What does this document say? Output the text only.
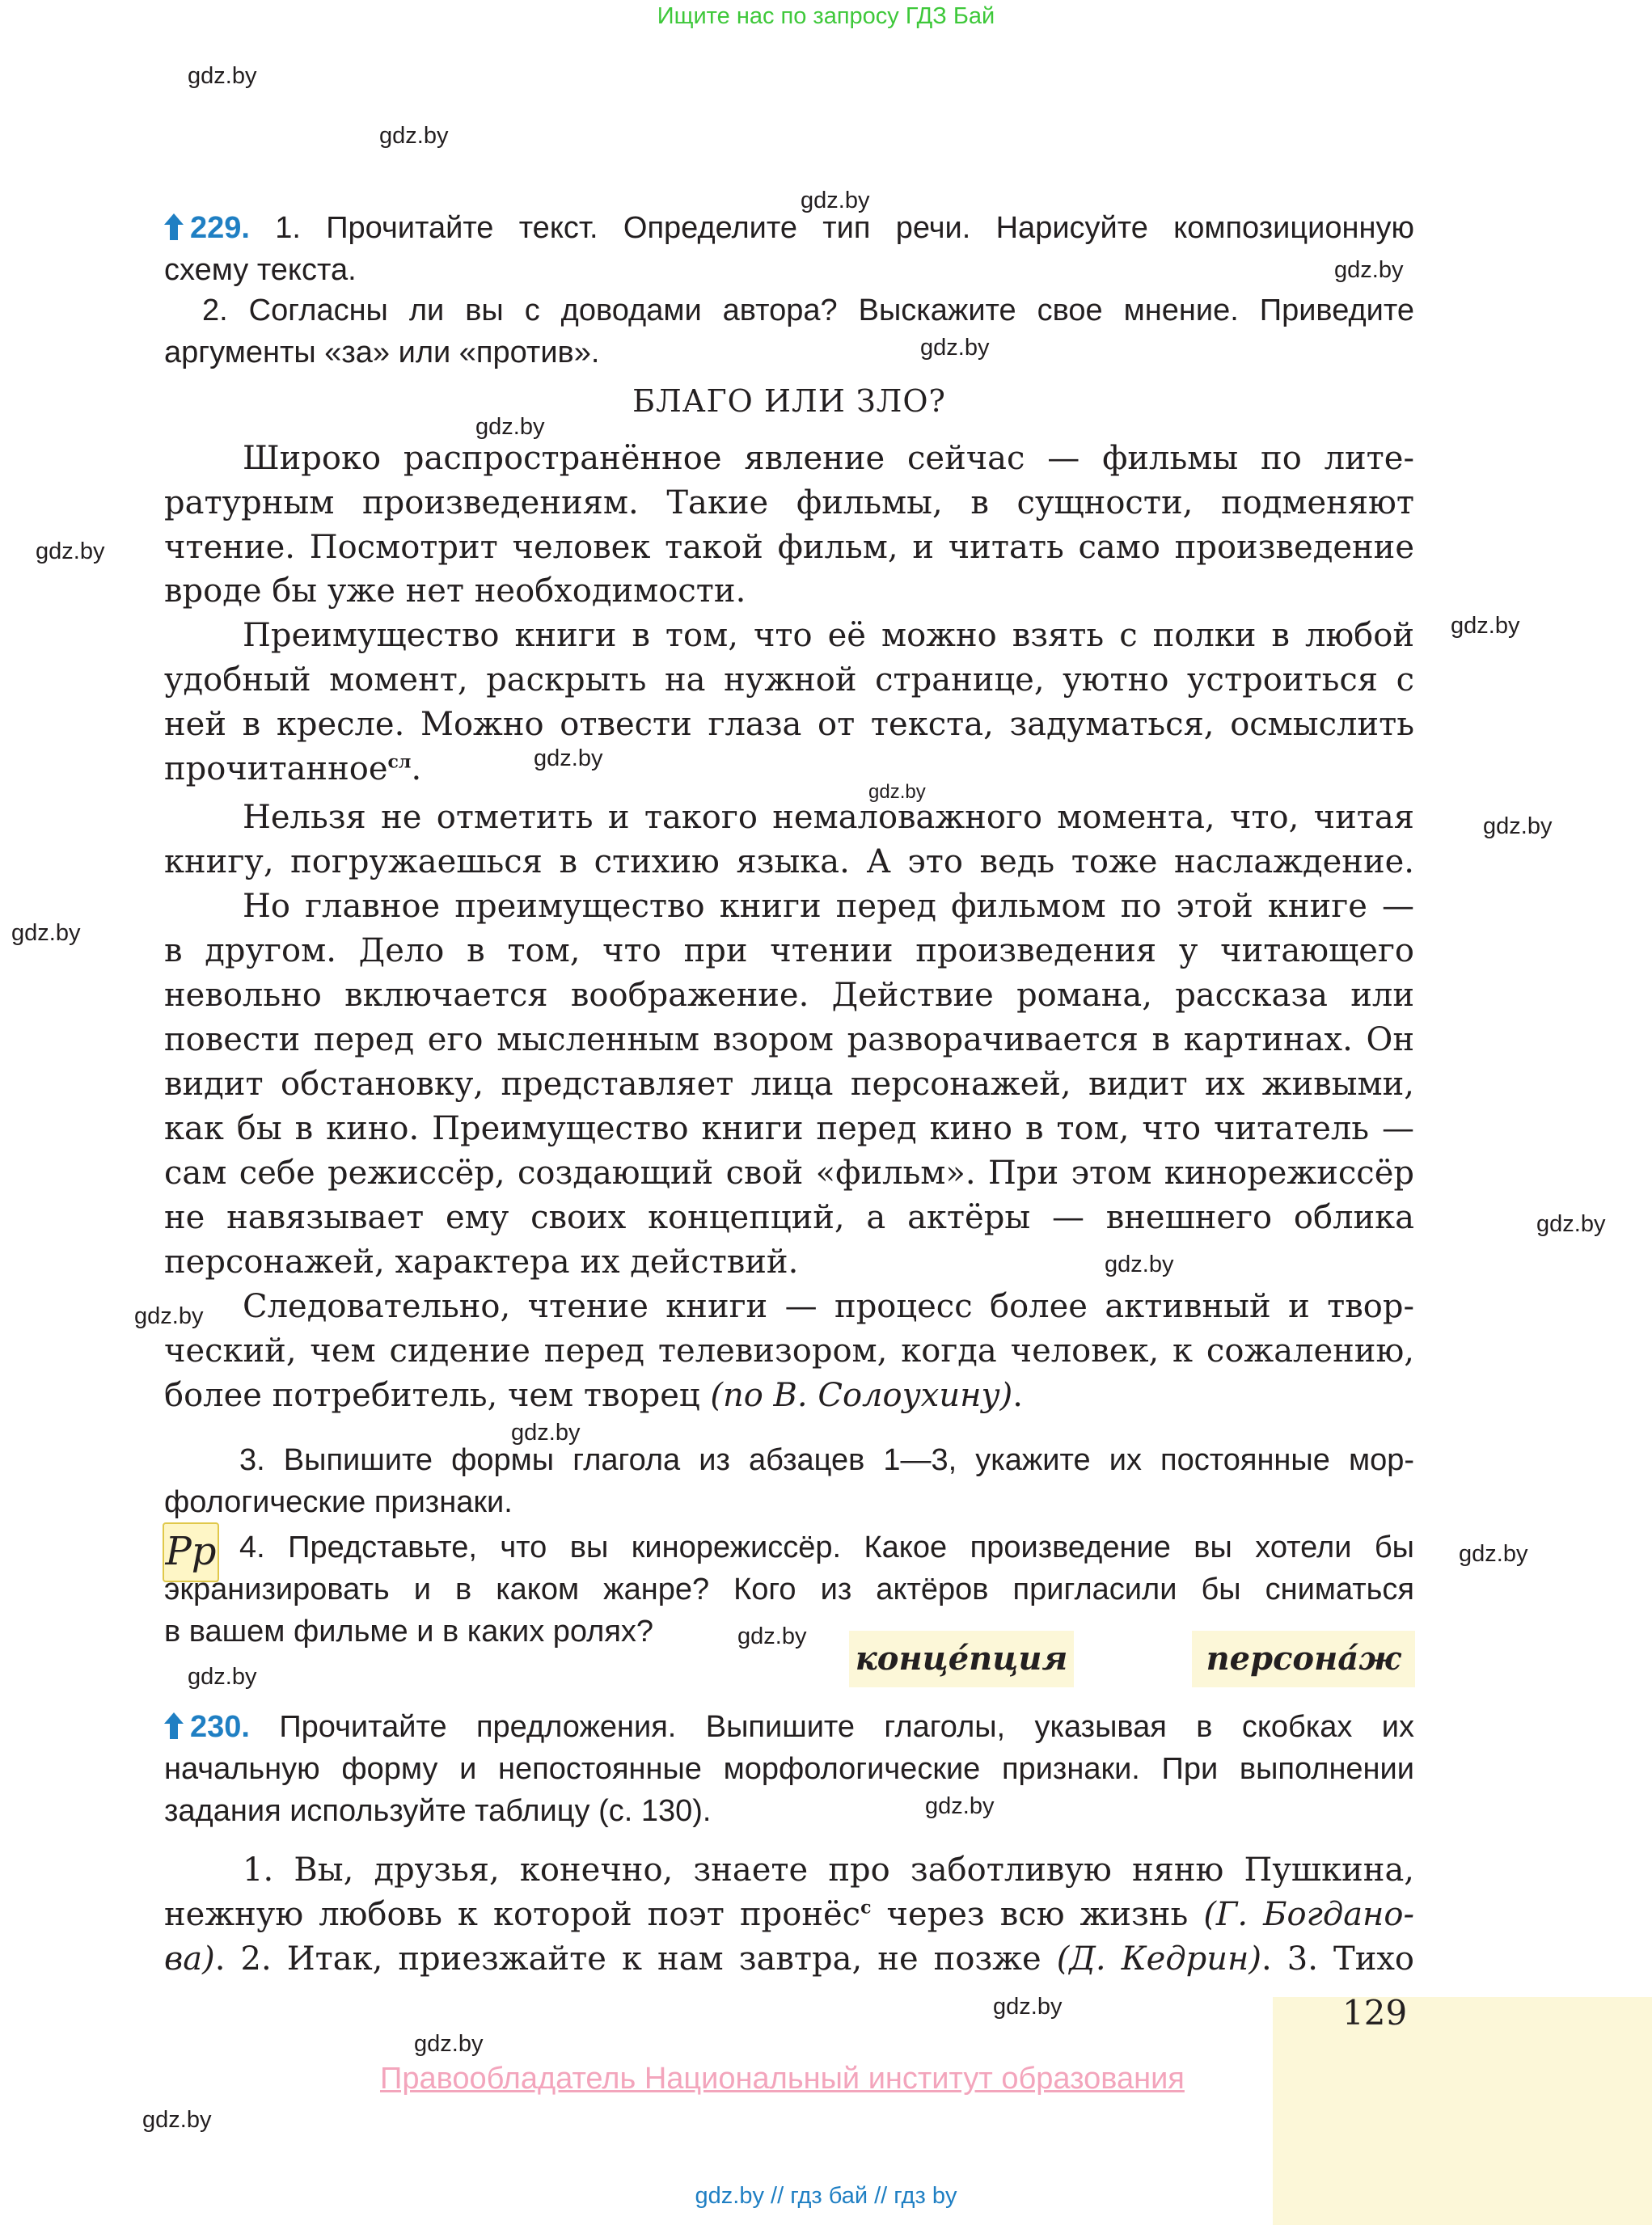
Ищите нас по запросу ГДЗ Бай
gdz.by
gdz.by
gdz.by
gdz.by
gdz.by
gdz.by
gdz.by
gdz.by
gdz.by
gdz.by
gdz.by
gdz.by
gdz.by
gdz.by
gdz.by
gdz.by
gdz.by
gdz.by
gdz.by
gdz.by
gdz.by
gdz.by
gdz.by
229. 1. Прочитайте текст. Определите тип речи. Нарисуйте композиционную
схему текста.
2. Согласны ли вы с доводами автора? Выскажите свое мнение. Приведите
аргументы «за» или «против».
БЛАГО ИЛИ ЗЛО?
Широко распространённое явление сейчас — фильмы по лите-
ратурным произведениям. Такие фильмы, в сущности, подменяют
чтение. Посмотрит человек такой фильм, и читать само произведение
вроде бы уже нет необходимости.
Преимущество книги в том, что её можно взять с полки в любой
удобный момент, раскрыть на нужной странице, уютно устроиться с
ней в кресле. Можно отвести глаза от текста, задуматься, осмыслить
прочитанное$^{сл}$.
Нельзя не отметить и такого немаловажного момента, что, читая
книгу, погружаешься в стихию языка. А это ведь тоже наслаждение.
Но главное преимущество книги перед фильмом по этой книге —
в другом. Дело в том, что при чтении произведения у читающего
невольно включается воображение. Действие романа, рассказа или
повести перед его мысленным взором разворачивается в картинах. Он
видит обстановку, представляет лица персонажей, видит их живыми,
как бы в кино. Преимущество книги перед кино в том, что читатель —
сам себе режиссёр, создающий свой «фильм». При этом кинорежиссёр
не навязывает ему своих концепций, а актёры — внешнего облика
персонажей, характера их действий.
Следовательно, чтение книги — процесс более активный и твор-
ческий, чем сидение перед телевизором, когда человек, к сожалению,
более потребитель, чем творец (по В. Солоухину).
3. Выпишите формы глагола из абзацев 1—3, укажите их постоянные мор-
фологические признаки.
Рр 4. Представьте, что вы кинорежиссёр. Какое произведение вы хотели бы
экранизировать и в каком жанре? Кого из актёров пригласили бы сниматься
в вашем фильме и в каких ролях?
конце́пция	персона́ж
230. Прочитайте предложения. Выпишите глаголы, указывая в скобках их
начальную форму и непостоянные морфологические признаки. При выполнении
задания используйте таблицу (с. 130).
1. Вы, друзья, конечно, знаете про заботливую няню Пушкина,
нежную любовь к которой поэт пронёс$^с$ через всю жизнь (Г. Богдано-
ва). 2. Итак, приезжайте к нам завтра, не позже (Д. Кедрин). 3. Тихо
129
Правообладатель Национальный институт образования
gdz.by // гдз бай // гдз by
